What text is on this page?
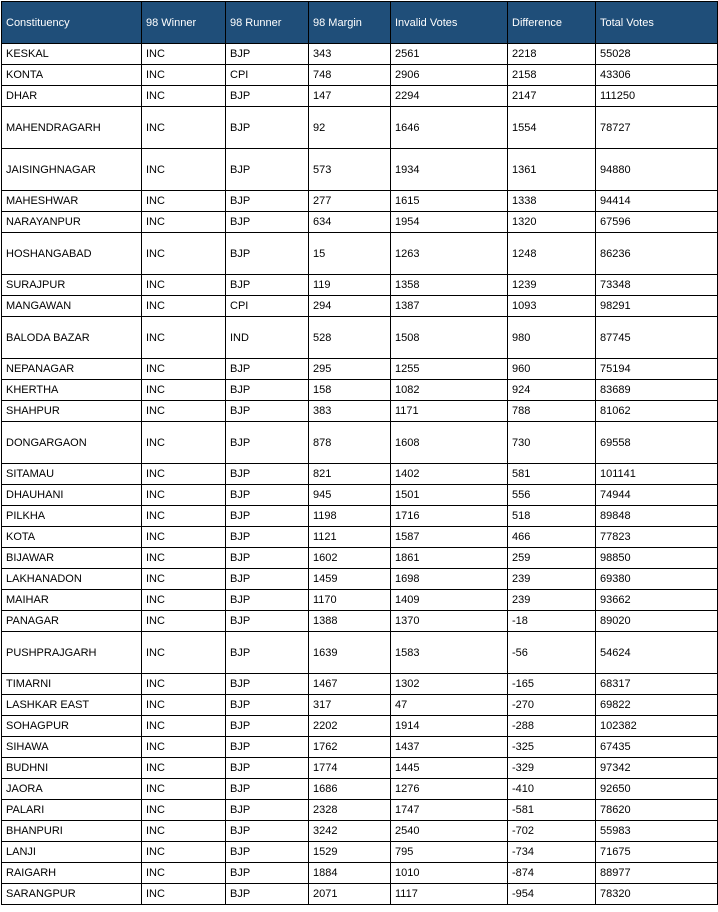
Constituency	98 Winner	98 Runner	98 Margin	Invalid Votes	Difference	Total Votes
KESKAL	INC	BJP	343	2561	2218	55028
KONTA	INC	CPI	748	2906	2158	43306
DHAR	INC	BJP	147	2294	2147	111250
MAHENDRAGARH	INC	BJP	92	1646	1554	78727
JAISINGHNAGAR	INC	BJP	573	1934	1361	94880
MAHESHWAR	INC	BJP	277	1615	1338	94414
NARAYANPUR	INC	BJP	634	1954	1320	67596
HOSHANGABAD	INC	BJP	15	1263	1248	86236
SURAJPUR	INC	BJP	119	1358	1239	73348
MANGAWAN	INC	CPI	294	1387	1093	98291
BALODA BAZAR	INC	IND	528	1508	980	87745
NEPANAGAR	INC	BJP	295	1255	960	75194
KHERTHA	INC	BJP	158	1082	924	83689
SHAHPUR	INC	BJP	383	1171	788	81062
DONGARGAON	INC	BJP	878	1608	730	69558
SITAMAU	INC	BJP	821	1402	581	101141
DHAUHANI	INC	BJP	945	1501	556	74944
PILKHA	INC	BJP	1198	1716	518	89848
KOTA	INC	BJP	1121	1587	466	77823
BIJAWAR	INC	BJP	1602	1861	259	98850
LAKHANADON	INC	BJP	1459	1698	239	69380
MAIHAR	INC	BJP	1170	1409	239	93662
PANAGAR	INC	BJP	1388	1370	-18	89020
PUSHPRAJGARH	INC	BJP	1639	1583	-56	54624
TIMARNI	INC	BJP	1467	1302	-165	68317
LASHKAR EAST	INC	BJP	317	47	-270	69822
SOHAGPUR	INC	BJP	2202	1914	-288	102382
SIHAWA	INC	BJP	1762	1437	-325	67435
BUDHNI	INC	BJP	1774	1445	-329	97342
JAORA	INC	BJP	1686	1276	-410	92650
PALARI	INC	BJP	2328	1747	-581	78620
BHANPURI	INC	BJP	3242	2540	-702	55983
LANJI	INC	BJP	1529	795	-734	71675
RAIGARH	INC	BJP	1884	1010	-874	88977
SARANGPUR	INC	BJP	2071	1117	-954	78320
